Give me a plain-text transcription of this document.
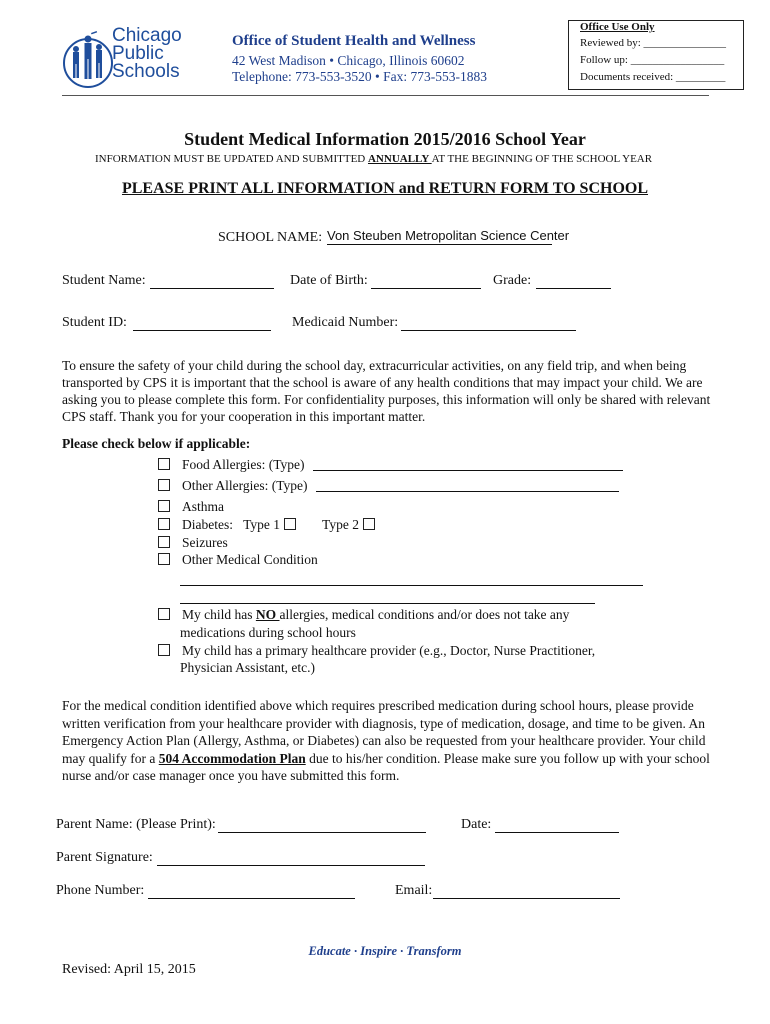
Chicago
Public
Schools
Office of Student Health and Wellness
42 West Madison • Chicago, Illinois 60602
Telephone: 773-553-3520 • Fax: 773-553-1883
Office Use Only
Reviewed by: _______________
Follow up: _________________
Documents received: _________
Student Medical Information 2015/2016 School Year
INFORMATION MUST BE UPDATED AND SUBMITTED ANNUALLY AT THE BEGINNING OF THE SCHOOL YEAR
PLEASE PRINT ALL INFORMATION and RETURN FORM TO SCHOOL
SCHOOL NAME: Von Steuben Metropolitan Science Center
Student Name:	Date of Birth:	Grade:
Student ID:	Medicaid Number:

To ensure the safety of your child during the school day, extracurricular activities, on any field trip, and when being transported by CPS it is important that the school is aware of any health conditions that may impact your child. We are asking you to please complete this form. For confidentiality purposes, this information will only be shared with relevant CPS staff. Thank you for your cooperation in this important matter.

Please check below if applicable:
Food Allergies: (Type)
Other Allergies: (Type)
Asthma
Diabetes: Type 1	Type 2
Seizures
Other Medical Condition
My child has NO allergies, medical conditions and/or does not take any
medications during school hours
My child has a primary healthcare provider (e.g., Doctor, Nurse Practitioner,
Physician Assistant, etc.)

For the medical condition identified above which requires prescribed medication during school hours, please provide written verification from your healthcare provider with diagnosis, type of medication, dosage, and time to be given. An Emergency Action Plan (Allergy, Asthma, or Diabetes) can also be requested from your healthcare provider. Your child may qualify for a 504 Accommodation Plan due to his/her condition. Please make sure you follow up with your school nurse and/or case manager once you have submitted this form.

Parent Name: (Please Print):	Date:
Parent Signature:
Phone Number:	Email:
Educate · Inspire · Transform
Revised: April 15, 2015
